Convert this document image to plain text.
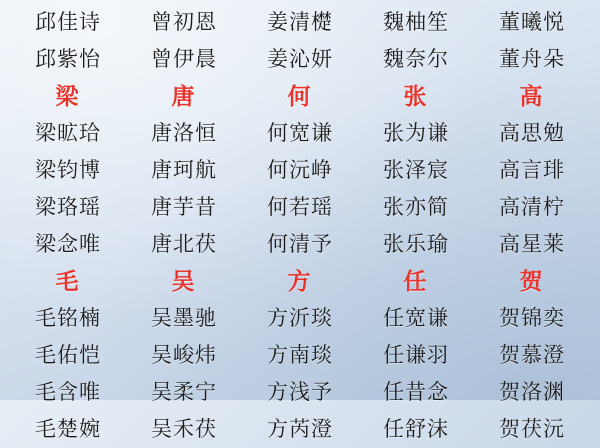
邱佳诗	曾初恩	姜清檚	魏柚笙	董曦悦
邱紫怡	曾伊晨	姜沁妍	魏奈尔	董舟朵
梁	唐	何	张	高
梁昿珨	唐洛恒	何宽谦	张为谦	高思勉
梁钧博	唐珂航	何沅峥	张泽宸	高言琲
梁珞瑶	唐芋昔	何若瑶	张亦简	高清柠
梁念唯	唐北茯	何清予	张乐瑜	高星莱
毛	吴	方	任	贺
毛铭楠	吴墨驰	方沂琰	任宽谦	贺锦奕
毛佑恺	吴峻炜	方南琰	任谦羽	贺慕澄
毛含唯	吴柔宁	方浅予	任昔念	贺洛渊
毛楚婉	吴禾茯	方芮澄	任舒沫	贺茯沅
